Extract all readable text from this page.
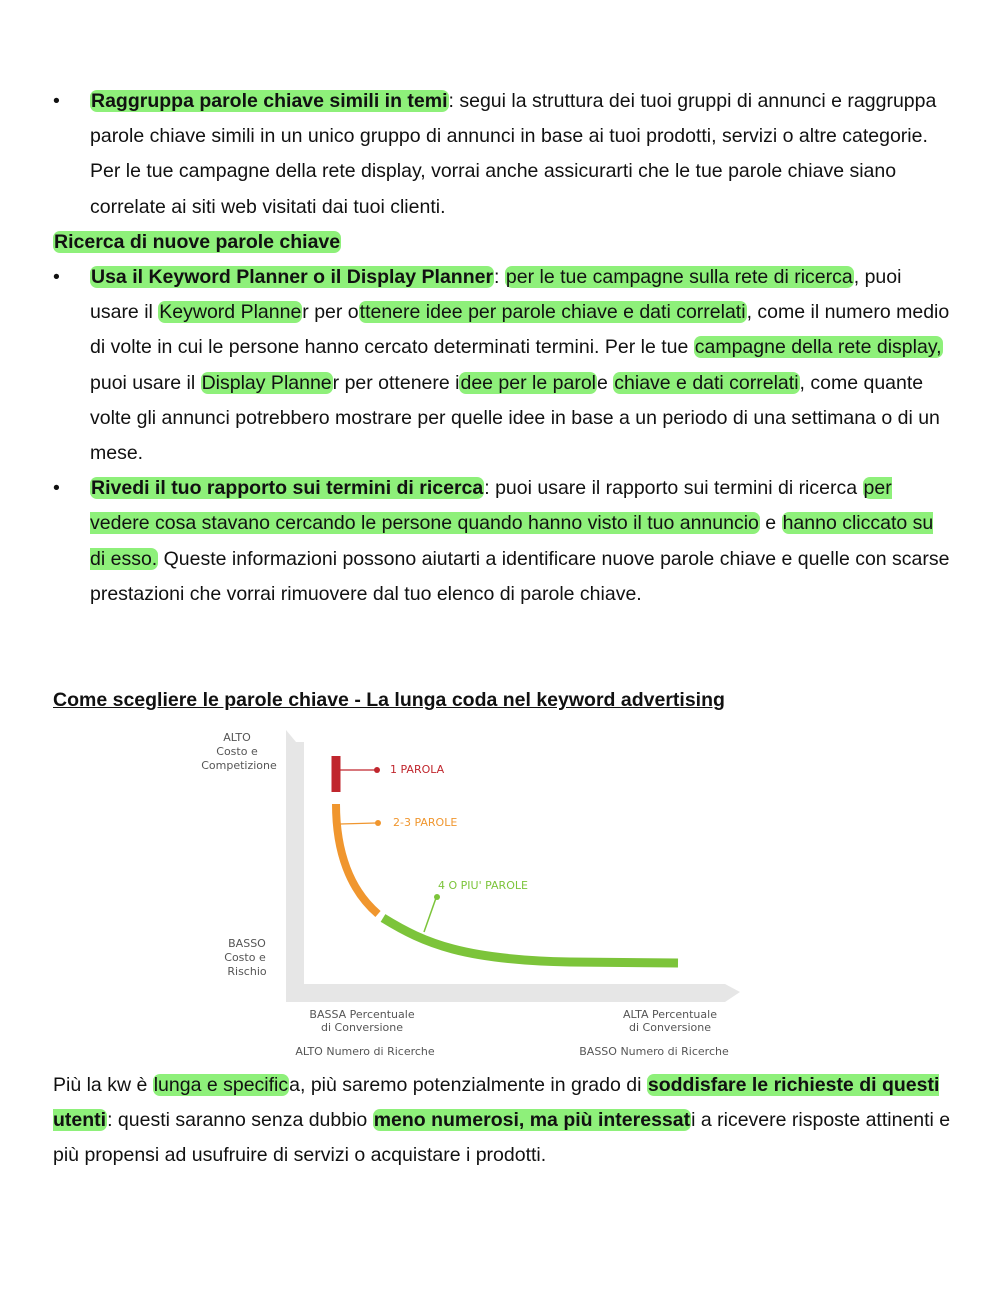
• Raggruppa parole chiave simili in temi: segui la struttura dei tuoi gruppi di annunci e raggruppa parole chiave simili in un unico gruppo di annunci in base ai tuoi prodotti, servizi o altre categorie. Per le tue campagne della rete display, vorrai anche assicurarti che le tue parole chiave siano correlate ai siti web visitati dai tuoi clienti.
Ricerca di nuove parole chiave
• Usa il Keyword Planner o il Display Planner: per le tue campagne sulla rete di ricerca, puoi usare il Keyword Planner per ottenere idee per parole chiave e dati correlati, come il numero medio di volte in cui le persone hanno cercato determinati termini. Per le tue campagne della rete display, puoi usare il Display Planner per ottenere idee per le parole chiave e dati correlati, come quante volte gli annunci potrebbero mostrare per quelle idee in base a un periodo di una settimana o di un mese.
• Rivedi il tuo rapporto sui termini di ricerca: puoi usare il rapporto sui termini di ricerca per vedere cosa stavano cercando le persone quando hanno visto il tuo annuncio e hanno cliccato su di esso. Queste informazioni possono aiutarti a identificare nuove parole chiave e quelle con scarse prestazioni che vorrai rimuovere dal tuo elenco di parole chiave.
Come scegliere le parole chiave - La lunga coda nel keyword advertising
1 PAROLA
2-3 PAROLE
4 O PIU' PAROLE
ALTO
Costo e
Competizione
BASSO
Costo e
Rischio
BASSA Percentuale
di Conversione
ALTO Numero di Ricerche
ALTA Percentuale
di Conversione
BASSO Numero di Ricerche
Più la kw è lunga e specifica, più saremo potenzialmente in grado di soddisfare le richieste di questi utenti: questi saranno senza dubbio meno numerosi, ma più interessati a ricevere risposte attinenti e più propensi ad usufruire di servizi o acquistare i prodotti.
